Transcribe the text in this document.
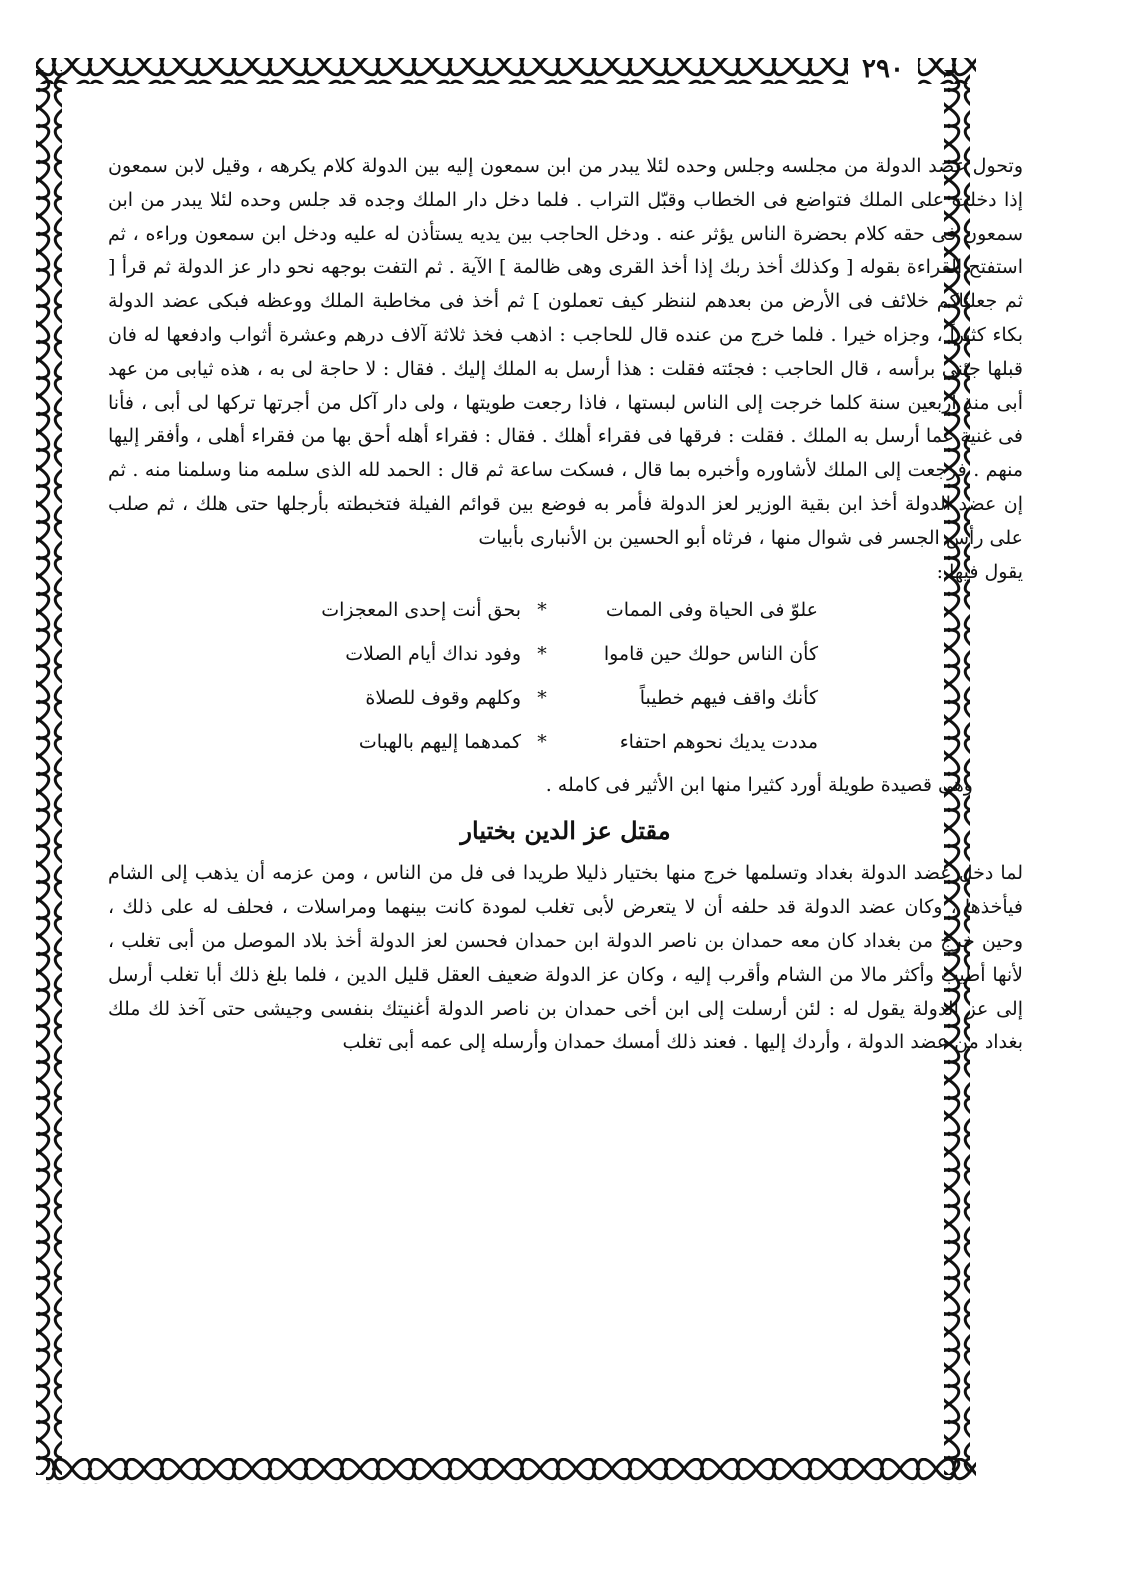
٢٩٠

وتحول عضد الدولة من مجلسه وجلس وحده لئلا يبدر من ابن سمعون إليه بين الدولة كلام يكرهه ، وقيل لابن سمعون إذا دخلت على الملك فتواضع فى الخطاب وقبّل التراب . فلما دخل دار الملك وجده قد جلس وحده لئلا يبدر من ابن سمعون فى حقه كلام بحضرة الناس يؤثر عنه . ودخل الحاجب بين يديه يستأذن له عليه ودخل ابن سمعون وراءه ، ثم استفتح القراءة بقوله [ وكذلك أخذ ربك إذا أخذ القرى وهى ظالمة ] الآية . ثم التفت بوجهه نحو دار عز الدولة ثم قرأ [ ثم جعلناكم خلائف فى الأرض من بعدهم لننظر كيف تعملون ] ثم أخذ فى مخاطبة الملك ووعظه فبكى عضد الدولة بكاء كثيراً ، وجزاه خيرا . فلما خرج من عنده قال للحاجب : اذهب فخذ ثلاثة آلاف درهم وعشرة أثواب وادفعها له فان قبلها جئنى برأسه ، قال الحاجب : فجئته فقلت : هذا أرسل به الملك إليك . فقال : لا حاجة لى به ، هذه ثيابى من عهد أبى منذ أربعين سنة كلما خرجت إلى الناس لبستها ، فاذا رجعت طويتها ، ولى دار آكل من أجرتها تركها لى أبى ، فأنا فى غنية عما أرسل به الملك . فقلت : فرقها فى فقراء أهلك . فقال : فقراء أهله أحق بها من فقراء أهلى ، وأفقر إليها منهم . فرجعت إلى الملك لأشاوره وأخبره بما قال ، فسكت ساعة ثم قال : الحمد لله الذى سلمه منا وسلمنا منه . ثم إن عضد الدولة أخذ ابن بقية الوزير لعز الدولة فأمر به فوضع بين قوائم الفيلة فتخبطته بأرجلها حتى هلك ، ثم صلب على رأس الجسر فى شوال منها ، فرثاه أبو الحسين بن الأنبارى بأبيات

يقول فيها :

علوّ فى الحياة وفى الممات
*
بحق أنت إحدى المعجزات
كأن الناس حولك حين قاموا
*
وفود نداك أيام الصلات
كأنك واقف فيهم خطيباً
*
وكلهم وقوف للصلاة
مددت يديك نحوهم احتفاء
*
كمدهما إليهم بالهبات

وهى قصيدة طويلة أورد كثيرا منها ابن الأثير فى كامله .

مقتل عز الدين بختيار

لما دخل عضد الدولة بغداد وتسلمها خرج منها بختيار ذليلا طريدا فى فل من الناس ، ومن عزمه أن يذهب إلى الشام فيأخذها ، وكان عضد الدولة قد حلفه أن لا يتعرض لأبى تغلب لمودة كانت بينهما ومراسلات ، فحلف له على ذلك ، وحين خرج من بغداد كان معه حمدان بن ناصر الدولة ابن حمدان فحسن لعز الدولة أخذ بلاد الموصل من أبى تغلب ، لأنها أطيب وأكثر مالا من الشام وأقرب إليه ، وكان عز الدولة ضعيف العقل قليل الدين ، فلما بلغ ذلك أبا تغلب أرسل إلى عز الدولة يقول له : لئن أرسلت إلى ابن أخى حمدان بن ناصر الدولة أغنيتك بنفسى وجيشى حتى آخذ لك ملك بغداد من عضد الدولة ، وأردك إليها . فعند ذلك أمسك حمدان وأرسله إلى عمه أبى تغلب
